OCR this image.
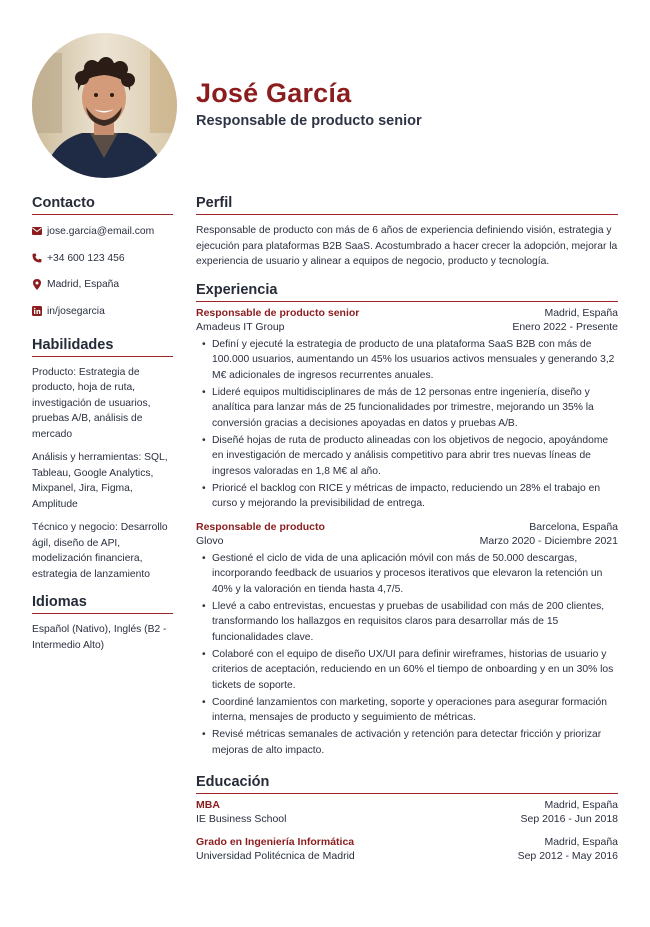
José García
Responsable de producto senior
Contacto
jose.garcia@email.com
+34 600 123 456
Madrid, España
in/josegarcia
Habilidades
Producto: Estrategia de producto, hoja de ruta, investigación de usuarios, pruebas A/B, análisis de mercado
Análisis y herramientas: SQL, Tableau, Google Analytics, Mixpanel, Jira, Figma, Amplitude
Técnico y negocio: Desarrollo ágil, diseño de API, modelización financiera, estrategia de lanzamiento
Idiomas
Español (Nativo), Inglés (B2 - Intermedio Alto)
Perfil

Responsable de producto con más de 6 años de experiencia definiendo visión, estrategia y ejecución para plataformas B2B SaaS. Acostumbrado a hacer crecer la adopción, mejorar la experiencia de usuario y alinear a equipos de negocio, producto y tecnología.

Experiencia
Responsable de producto senior	Madrid, España
Amadeus IT Group	Enero 2022 - Presente
• Definí y ejecuté la estrategia de producto de una plataforma SaaS B2B con más de 100.000 usuarios, aumentando un 45% los usuarios activos mensuales y generando 3,2 M€ adicionales de ingresos recurrentes anuales.
• Lideré equipos multidisciplinares de más de 12 personas entre ingeniería, diseño y analítica para lanzar más de 25 funcionalidades por trimestre, mejorando un 35% la conversión gracias a decisiones apoyadas en datos y pruebas A/B.
• Diseñé hojas de ruta de producto alineadas con los objetivos de negocio, apoyándome en investigación de mercado y análisis competitivo para abrir tres nuevas líneas de ingresos valoradas en 1,8 M€ al año.
• Prioricé el backlog con RICE y métricas de impacto, reduciendo un 28% el trabajo en curso y mejorando la previsibilidad de entrega.
Responsable de producto	Barcelona, España
Glovo	Marzo 2020 - Diciembre 2021
• Gestioné el ciclo de vida de una aplicación móvil con más de 50.000 descargas, incorporando feedback de usuarios y procesos iterativos que elevaron la retención un 40% y la valoración en tienda hasta 4,7/5.
• Llevé a cabo entrevistas, encuestas y pruebas de usabilidad con más de 200 clientes, transformando los hallazgos en requisitos claros para desarrollar más de 15 funcionalidades clave.
• Colaboré con el equipo de diseño UX/UI para definir wireframes, historias de usuario y criterios de aceptación, reduciendo en un 60% el tiempo de onboarding y en un 30% los tickets de soporte.
• Coordiné lanzamientos con marketing, soporte y operaciones para asegurar formación interna, mensajes de producto y seguimiento de métricas.
• Revisé métricas semanales de activación y retención para detectar fricción y priorizar mejoras de alto impacto.
Educación
MBA	Madrid, España
IE Business School	Sep 2016 - Jun 2018
Grado en Ingeniería Informática	Madrid, España
Universidad Politécnica de Madrid	Sep 2012 - May 2016
